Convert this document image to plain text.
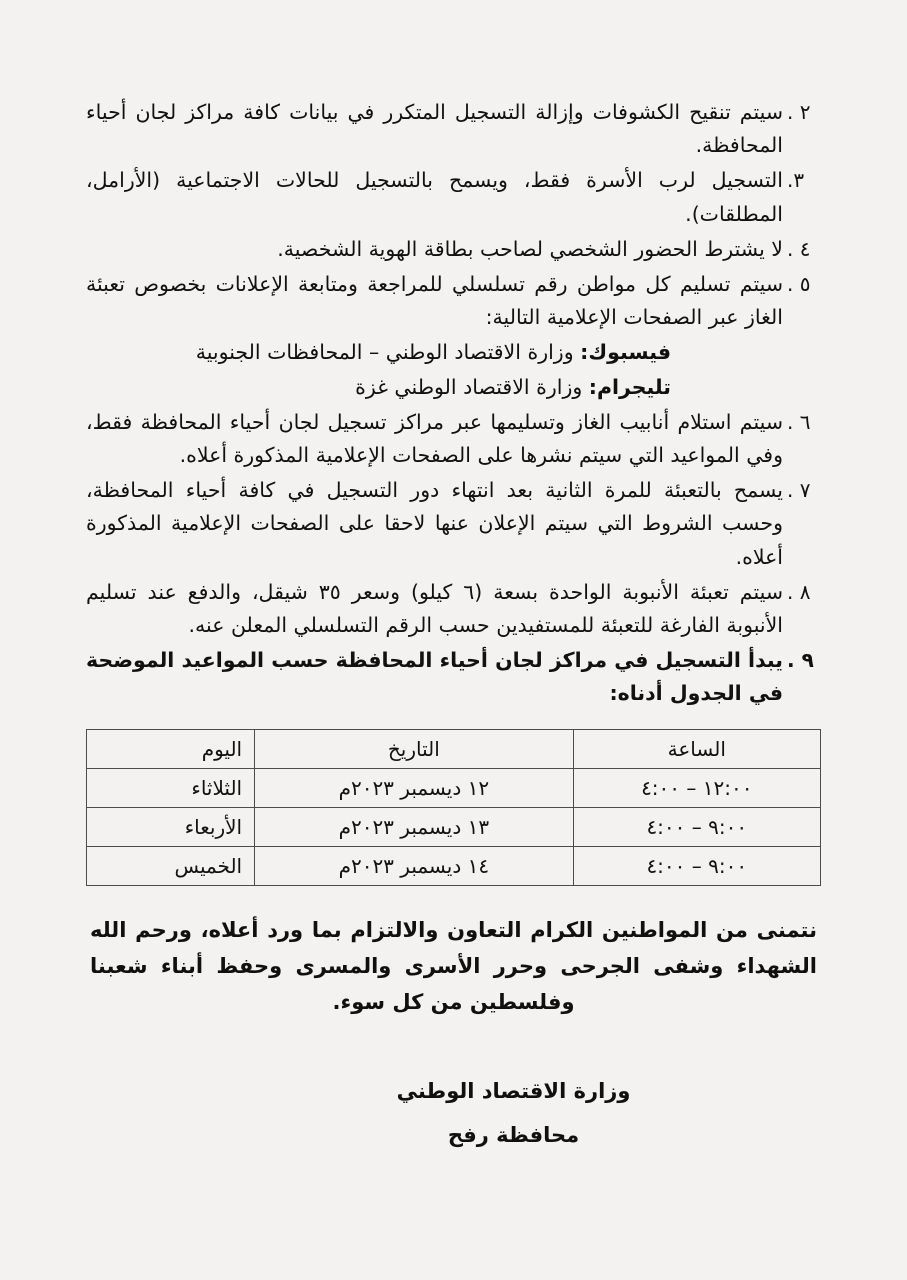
٢ .
سيتم تنقيح الكشوفات وإزالة التسجيل المتكرر في بيانات كافة مراكز لجان أحياء المحافظة.
٣.
التسجيل لرب الأسرة فقط، ويسمح بالتسجيل للحالات الاجتماعية (الأرامل، المطلقات).
٤ .
لا يشترط الحضور الشخصي لصاحب بطاقة الهوية الشخصية.
٥ .
سيتم تسليم كل مواطن رقم تسلسلي للمراجعة ومتابعة الإعلانات بخصوص تعبئة الغاز عبر الصفحات الإعلامية التالية:
فيسبوك: وزارة الاقتصاد الوطني – المحافظات الجنوبية
تليجرام: وزارة الاقتصاد الوطني غزة
٦ .
سيتم استلام أنابيب الغاز وتسليمها عبر مراكز تسجيل لجان أحياء المحافظة فقط، وفي المواعيد التي سيتم نشرها على الصفحات الإعلامية المذكورة أعلاه.
٧ .
يسمح بالتعبئة للمرة الثانية بعد انتهاء دور التسجيل في كافة أحياء المحافظة، وحسب الشروط التي سيتم الإعلان عنها لاحقا على الصفحات الإعلامية المذكورة أعلاه.
٨ .
سيتم تعبئة الأنبوبة الواحدة بسعة (٦ كيلو) وسعر ٣٥ شيقل، والدفع عند تسليم الأنبوبة الفارغة للتعبئة للمستفيدين حسب الرقم التسلسلي المعلن عنه.
٩ .
يبدأ التسجيل في مراكز لجان أحياء المحافظة حسب المواعيد الموضحة في الجدول أدناه:
الساعة	التاريخ	اليوم
١٢:٠٠ – ٤:٠٠	١٢ ديسمبر ٢٠٢٣م	الثلاثاء
٩:٠٠ – ٤:٠٠	١٣ ديسمبر ٢٠٢٣م	الأربعاء
٩:٠٠ – ٤:٠٠	١٤ ديسمبر ٢٠٢٣م	الخميس
نتمنى من المواطنين الكرام التعاون والالتزام بما ورد أعلاه، ورحم الله الشهداء وشفى الجرحى وحرر الأسرى والمسرى وحفظ أبناء شعبنا وفلسطين من كل سوء.
وزارة الاقتصاد الوطني
محافظة رفح
